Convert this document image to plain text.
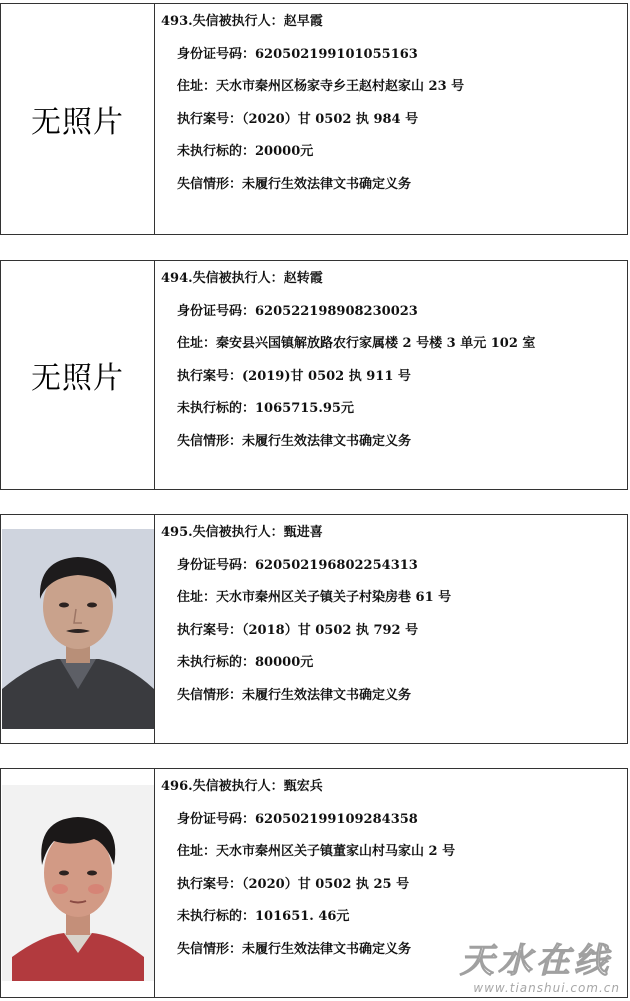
无照片
493.失信被执行人：赵早霞
身份证号码：620502199101055163
住址：天水市秦州区杨家寺乡王赵村赵家山 23 号
执行案号：（2020）甘 0502 执 984 号
未执行标的：20000元
失信情形：未履行生效法律文书确定义务
无照片
494.失信被执行人：赵转霞
身份证号码：620522198908230023
住址：秦安县兴国镇解放路农行家属楼 2 号楼 3 单元 102 室
执行案号：(2019)甘 0502 执 911 号
未执行标的：1065715.95元
失信情形：未履行生效法律文书确定义务
495.失信被执行人：甄进喜
身份证号码：620502196802254313
住址：天水市秦州区关子镇关子村染房巷 61 号
执行案号：（2018）甘 0502 执 792 号
未执行标的：80000元
失信情形：未履行生效法律文书确定义务
496.失信被执行人：甄宏兵
身份证号码：620502199109284358
住址：天水市秦州区关子镇董家山村马家山 2 号
执行案号：（2020）甘 0502 执 25 号
未执行标的：101651. 46元
失信情形：未履行生效法律文书确定义务	天水在线
www.tianshui.com.cn
